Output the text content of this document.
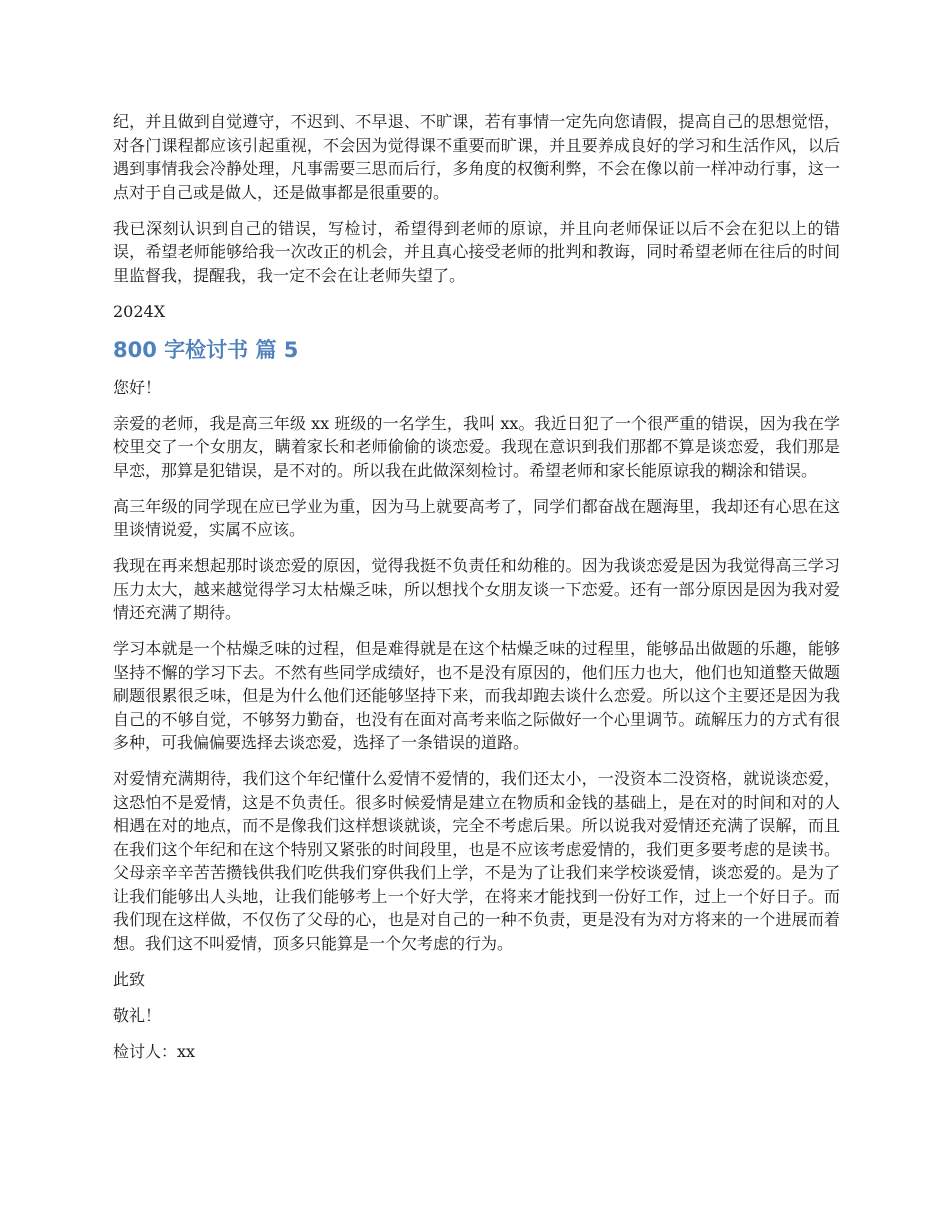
纪，并且做到自觉遵守，不迟到、不早退、不旷课，若有事情一定先向您请假，提高自己的思想觉悟，对各门课程都应该引起重视，不会因为觉得课不重要而旷课，并且要养成良好的学习和生活作风，以后遇到事情我会冷静处理，凡事需要三思而后行，多角度的权衡利弊，不会在像以前一样冲动行事，这一点对于自己或是做人，还是做事都是很重要的。

我已深刻认识到自己的错误，写检讨，希望得到老师的原谅，并且向老师保证以后不会在犯以上的错误，希望老师能够给我一次改正的机会，并且真心接受老师的批判和教诲，同时希望老师在往后的时间里监督我，提醒我，我一定不会在让老师失望了。

2024X

800 字检讨书 篇 5

您好！

亲爱的老师，我是高三年级 xx 班级的一名学生，我叫 xx。我近日犯了一个很严重的错误，因为我在学校里交了一个女朋友，瞒着家长和老师偷偷的谈恋爱。我现在意识到我们那都不算是谈恋爱，我们那是早恋，那算是犯错误，是不对的。所以我在此做深刻检讨。希望老师和家长能原谅我的糊涂和错误。

高三年级的同学现在应已学业为重，因为马上就要高考了，同学们都奋战在题海里，我却还有心思在这里谈情说爱，实属不应该。

我现在再来想起那时谈恋爱的原因，觉得我挺不负责任和幼稚的。因为我谈恋爱是因为我觉得高三学习压力太大，越来越觉得学习太枯燥乏味，所以想找个女朋友谈一下恋爱。还有一部分原因是因为我对爱情还充满了期待。

学习本就是一个枯燥乏味的过程，但是难得就是在这个枯燥乏味的过程里，能够品出做题的乐趣，能够坚持不懈的学习下去。不然有些同学成绩好，也不是没有原因的，他们压力也大，他们也知道整天做题刷题很累很乏味，但是为什么他们还能够坚持下来，而我却跑去谈什么恋爱。所以这个主要还是因为我自己的不够自觉，不够努力勤奋，也没有在面对高考来临之际做好一个心里调节。疏解压力的方式有很多种，可我偏偏要选择去谈恋爱，选择了一条错误的道路。

对爱情充满期待，我们这个年纪懂什么爱情不爱情的，我们还太小，一没资本二没资格，就说谈恋爱，这恐怕不是爱情，这是不负责任。很多时候爱情是建立在物质和金钱的基础上，是在对的时间和对的人相遇在对的地点，而不是像我们这样想谈就谈，完全不考虑后果。所以说我对爱情还充满了误解，而且在我们这个年纪和在这个特别又紧张的时间段里，也是不应该考虑爱情的，我们更多要考虑的是读书。父母亲辛辛苦苦攒钱供我们吃供我们穿供我们上学，不是为了让我们来学校谈爱情，谈恋爱的。是为了让我们能够出人头地，让我们能够考上一个好大学，在将来才能找到一份好工作，过上一个好日子。而我们现在这样做，不仅伤了父母的心，也是对自己的一种不负责，更是没有为对方将来的一个进展而着想。我们这不叫爱情，顶多只能算是一个欠考虑的行为。

此致

敬礼！

检讨人：xx
